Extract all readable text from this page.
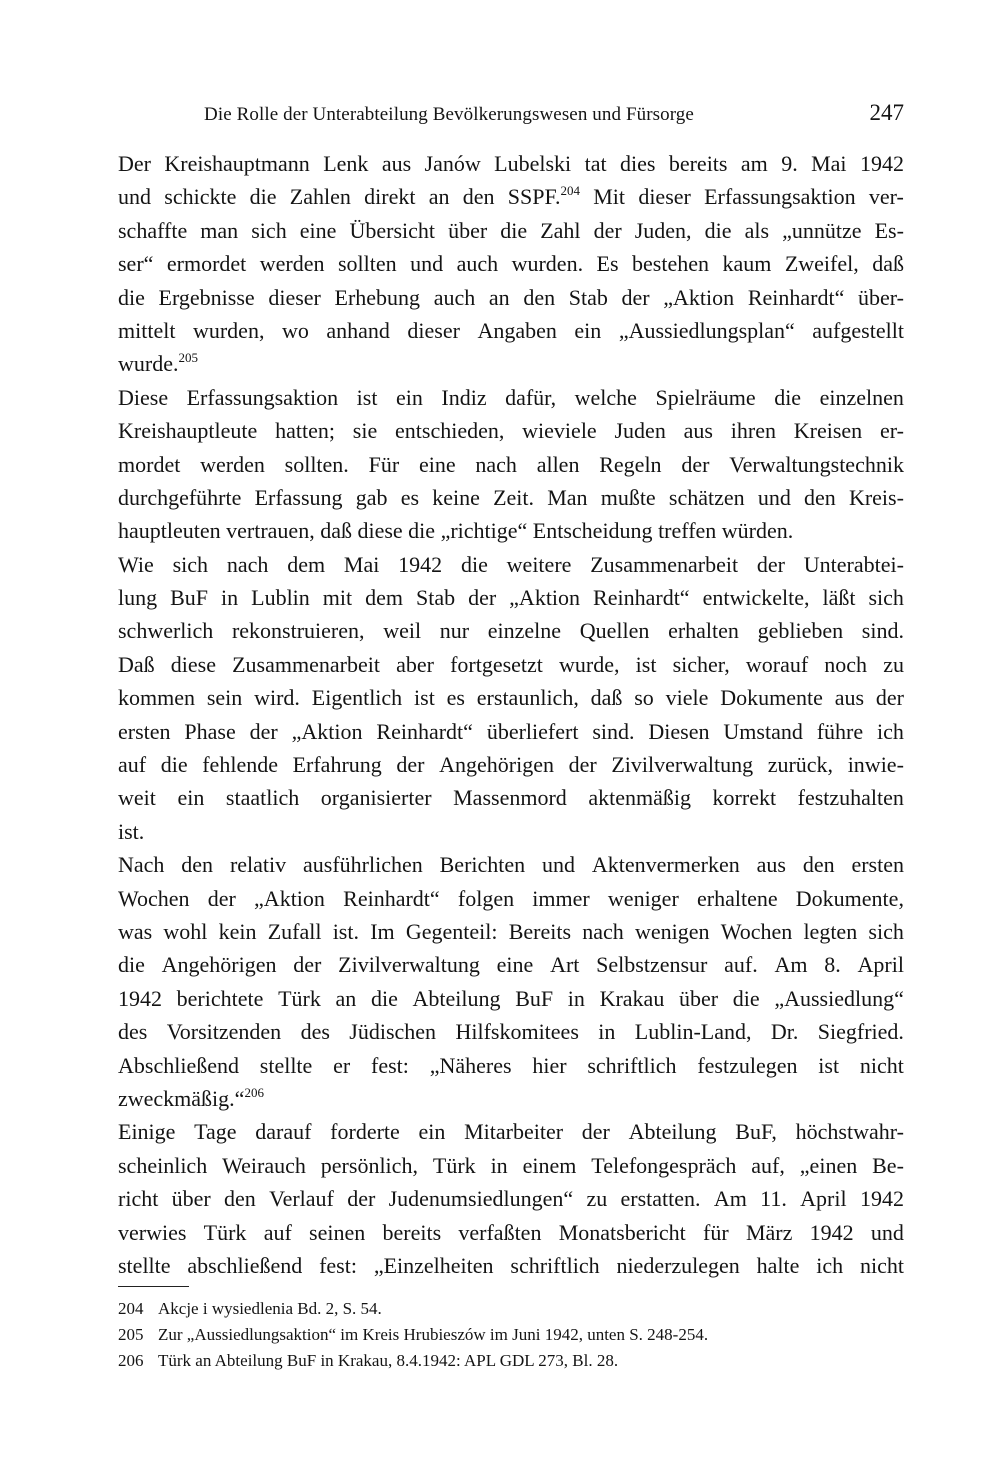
Die Rolle der Unterabteilung Bevölkerungswesen und Fürsorge	247
Der Kreishauptmann Lenk aus Janów Lubelski tat dies bereits am 9. Mai 1942
und schickte die Zahlen direkt an den SSPF.$^{204}$ Mit dieser Erfassungsaktion ver-
schaffte man sich eine Übersicht über die Zahl der Juden, die als „unnütze Es-
ser“ ermordet werden sollten und auch wurden. Es bestehen kaum Zweifel, daß
die Ergebnisse dieser Erhebung auch an den Stab der „Aktion Reinhardt“ über-
mittelt wurden, wo anhand dieser Angaben ein „Aussiedlungsplan“ aufgestellt
wurde.$^{205}$
Diese Erfassungsaktion ist ein Indiz dafür, welche Spielräume die einzelnen
Kreishauptleute hatten; sie entschieden, wieviele Juden aus ihren Kreisen er-
mordet werden sollten. Für eine nach allen Regeln der Verwaltungstechnik
durchgeführte Erfassung gab es keine Zeit. Man mußte schätzen und den Kreis-
hauptleuten
vertrauen,
daß
diese
die
„richtige“
Entscheidung
treffen
würden.
Wie sich nach dem Mai 1942 die weitere Zusammenarbeit der Unterabtei-
lung BuF in Lublin mit dem Stab der „Aktion Reinhardt“ entwickelte, läßt sich
schwerlich rekonstruieren, weil nur einzelne Quellen erhalten geblieben sind.
Daß diese Zusammenarbeit aber fortgesetzt wurde, ist sicher, worauf noch zu
kommen sein wird. Eigentlich ist es erstaunlich, daß so viele Dokumente aus der
ersten Phase der „Aktion Reinhardt“ überliefert sind. Diesen Umstand führe ich
auf die fehlende Erfahrung der Angehörigen der Zivilverwaltung zurück, inwie-
weit ein staatlich organisierter Massenmord aktenmäßig korrekt festzuhalten
ist.
Nach den relativ ausführlichen Berichten und Aktenvermerken aus den ersten
Wochen der „Aktion Reinhardt“ folgen immer weniger erhaltene Dokumente,
was wohl kein Zufall ist. Im Gegenteil: Bereits nach wenigen Wochen legten sich
die Angehörigen der Zivilverwaltung eine Art Selbstzensur auf. Am 8. April
1942 berichtete Türk an die Abteilung BuF in Krakau über die „Aussiedlung“
des Vorsitzenden des Jüdischen Hilfskomitees in Lublin-Land, Dr. Siegfried.
Abschließend stellte er fest: „Näheres hier schriftlich festzulegen ist nicht
zweckmäßig.“$^{206}$
Einige Tage darauf forderte ein Mitarbeiter der Abteilung BuF, höchstwahr-
scheinlich Weirauch persönlich, Türk in einem Telefongespräch auf, „einen Be-
richt über den Verlauf der Judenumsiedlungen“ zu erstatten. Am 11. April 1942
verwies Türk auf seinen bereits verfaßten Monatsbericht für März 1942 und
stellte abschließend fest: „Einzelheiten schriftlich niederzulegen halte ich nicht
204 Akcje i wysiedlenia Bd. 2, S. 54.
205 Zur „Aussiedlungsaktion“ im Kreis Hrubieszów im Juni 1942, unten S. 248-254.
206 Türk an Abteilung BuF in Krakau, 8.4.1942: APL GDL 273, Bl. 28.
